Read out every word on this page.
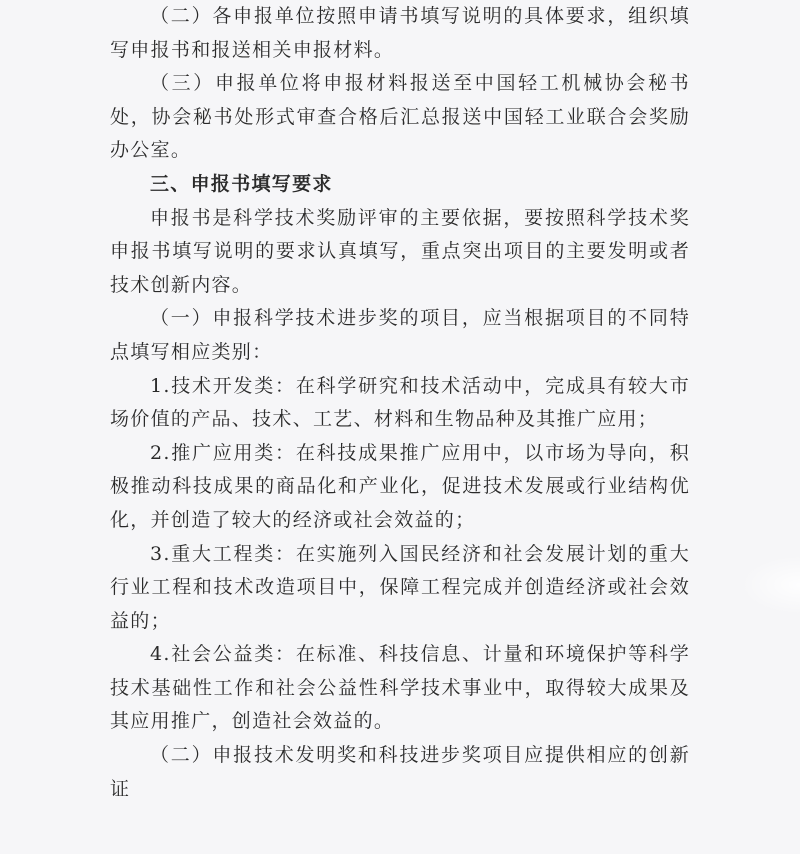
（二）各申报单位按照申请书填写说明的具体要求，组织填写申报书和报送相关申报材料。

（三）申报单位将申报材料报送至中国轻工机械协会秘书处，协会秘书处形式审查合格后汇总报送中国轻工业联合会奖励办公室。

三、申报书填写要求

申报书是科学技术奖励评审的主要依据，要按照科学技术奖申报书填写说明的要求认真填写，重点突出项目的主要发明或者技术创新内容。

（一）申报科学技术进步奖的项目，应当根据项目的不同特点填写相应类别：

1.技术开发类：在科学研究和技术活动中，完成具有较大市场价值的产品、技术、工艺、材料和生物品种及其推广应用；

2.推广应用类：在科技成果推广应用中，以市场为导向，积极推动科技成果的商品化和产业化，促进技术发展或行业结构优化，并创造了较大的经济或社会效益的；

3.重大工程类：在实施列入国民经济和社会发展计划的重大行业工程和技术改造项目中，保障工程完成并创造经济或社会效益的；

4.社会公益类：在标准、科技信息、计量和环境保护等科学技术基础性工作和社会公益性科学技术事业中，取得较大成果及其应用推广，创造社会效益的。

（二）申报技术发明奖和科技进步奖项目应提供相应的创新证
